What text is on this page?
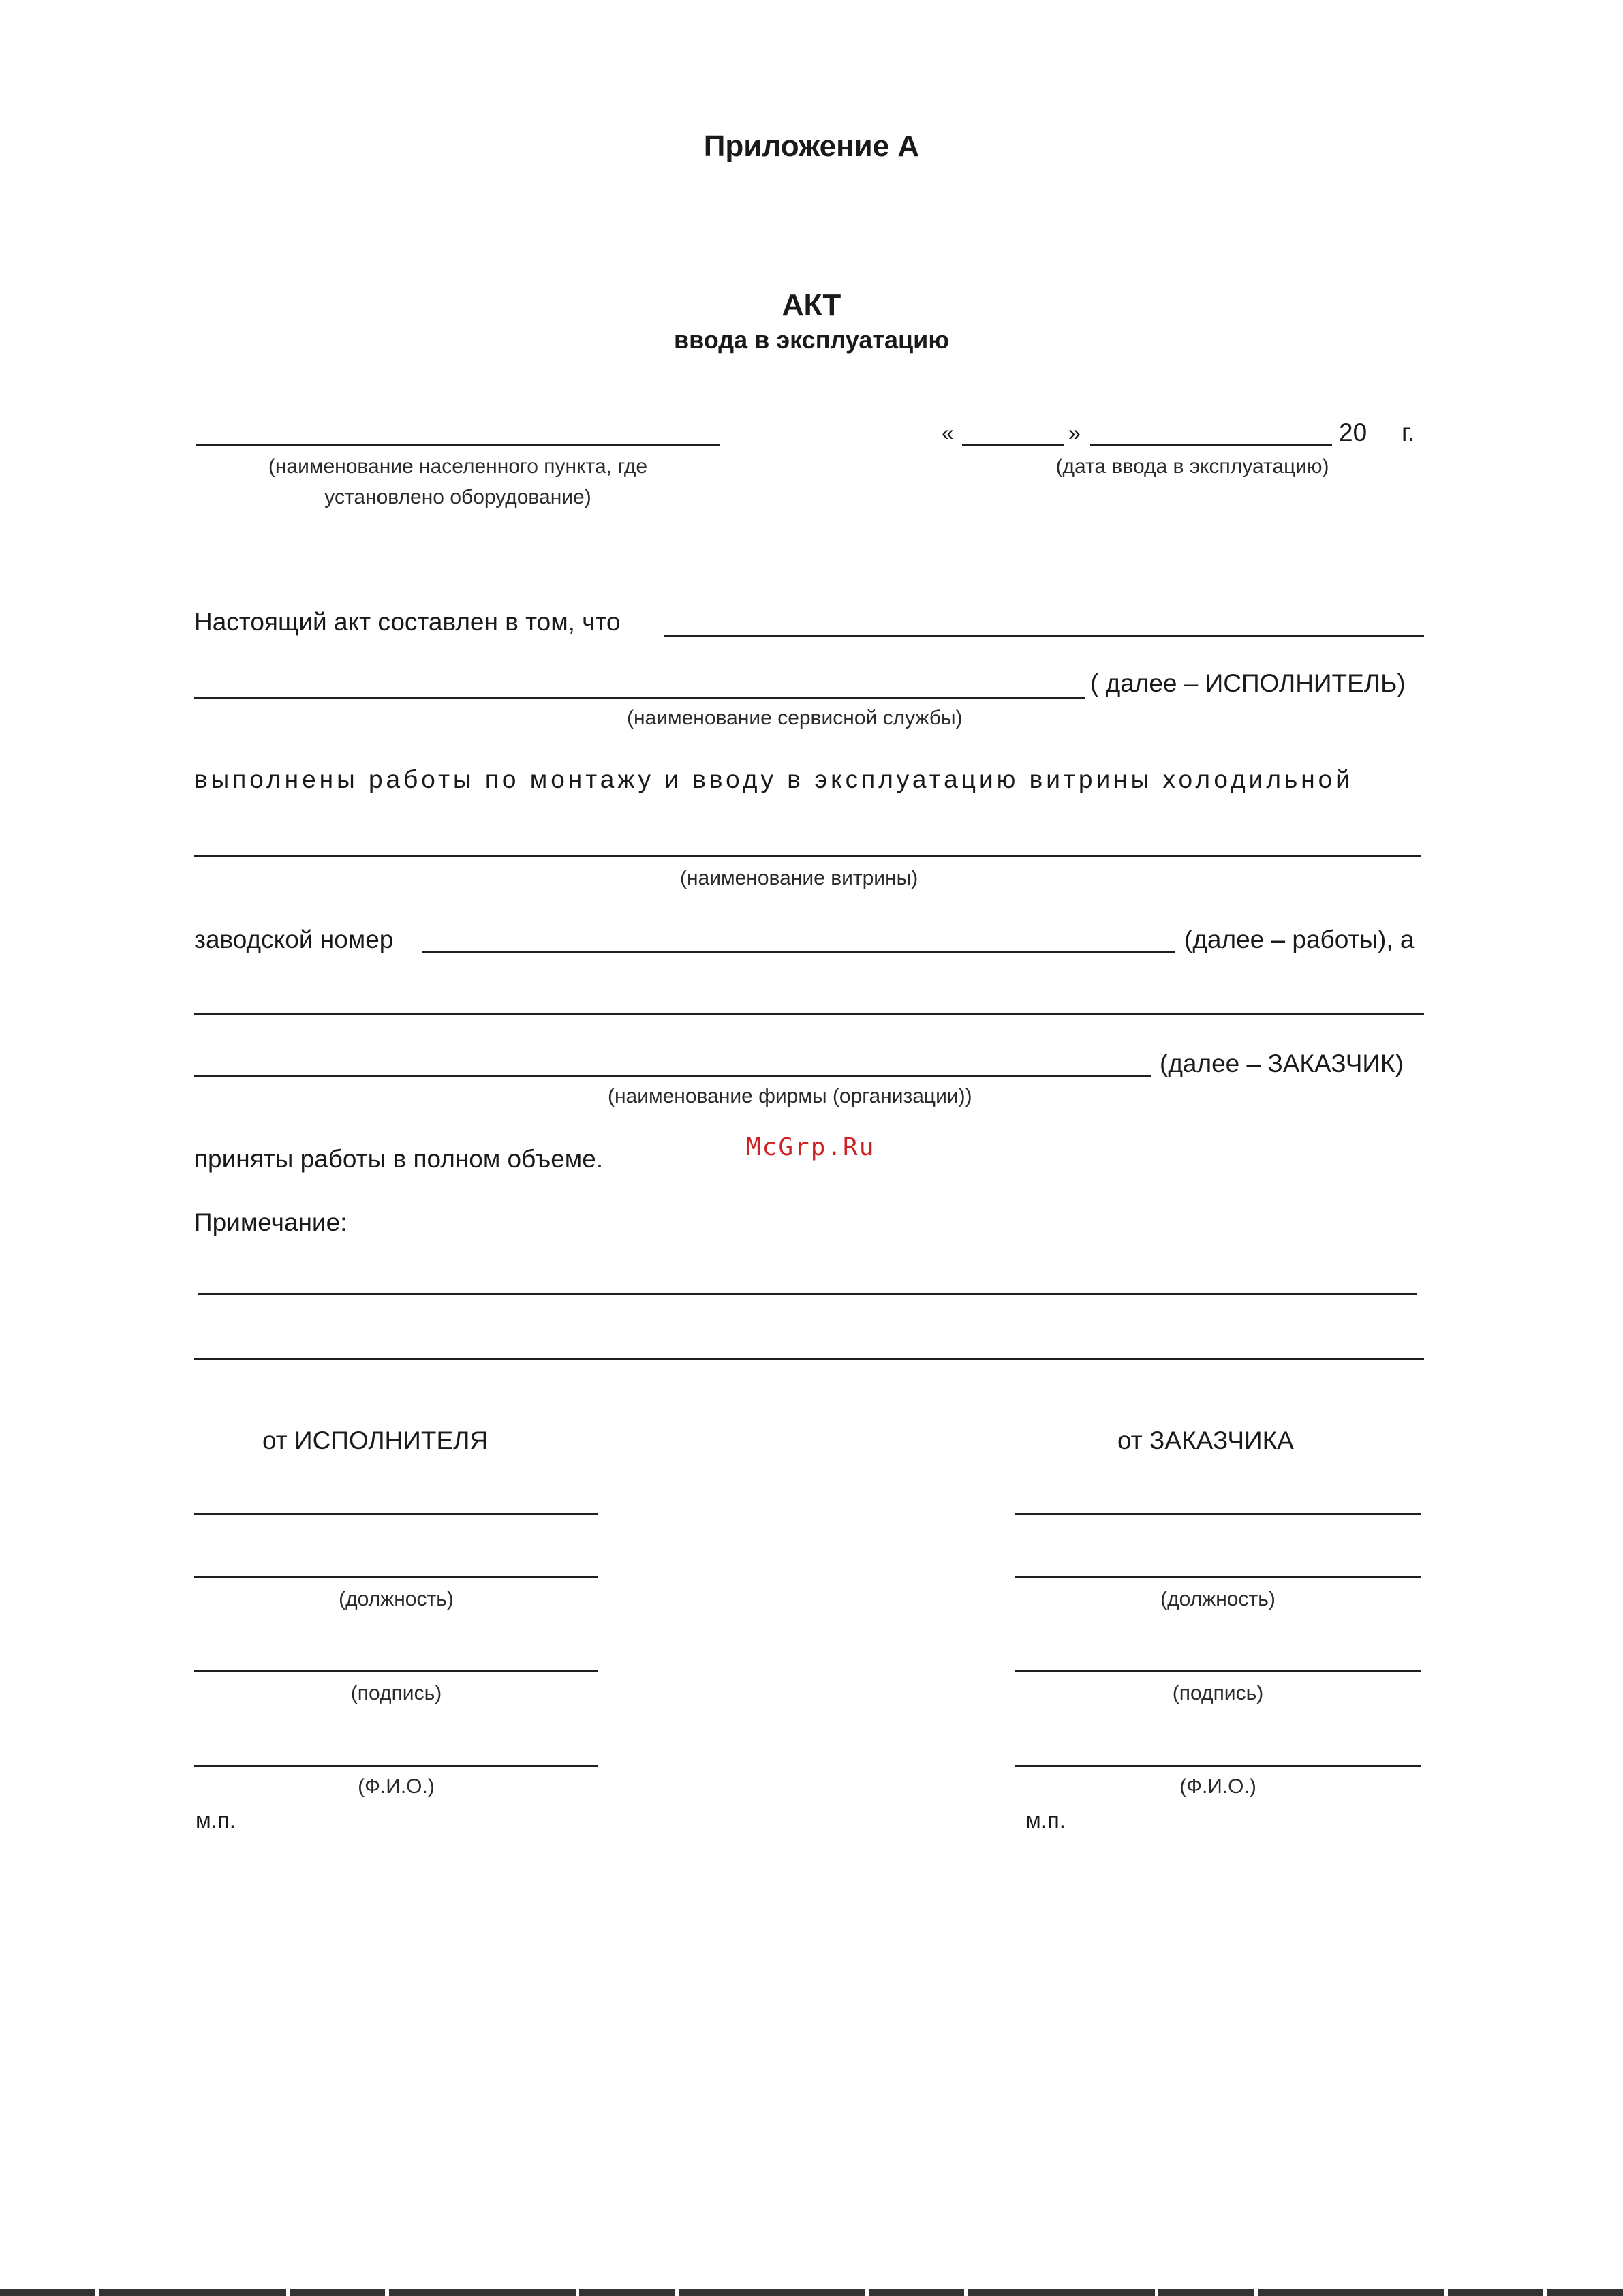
Приложение А
АКТ
ввода в эксплуатацию
(наименование населенного пункта, где
установлено оборудование)
«	»	20 г.
(дата ввода в эксплуатацию)
Настоящий акт составлен в том, что
( далее – ИСПОЛНИТЕЛЬ)
(наименование сервисной службы)
выполнены работы по монтажу и вводу в эксплуатацию витрины холодильной
(наименование витрины)
заводской номер	(далее – работы), а
(далее – ЗАКАЗЧИК)
(наименование фирмы (организации))
McGrp.Ru
приняты работы в полном объеме.
Примечание:
от ИСПОЛНИТЕЛЯ
(должность)
(подпись)
(Ф.И.О.)
м.п.
от ЗАКАЗЧИКА
(должность)
(подпись)
(Ф.И.О.)
м.п.
